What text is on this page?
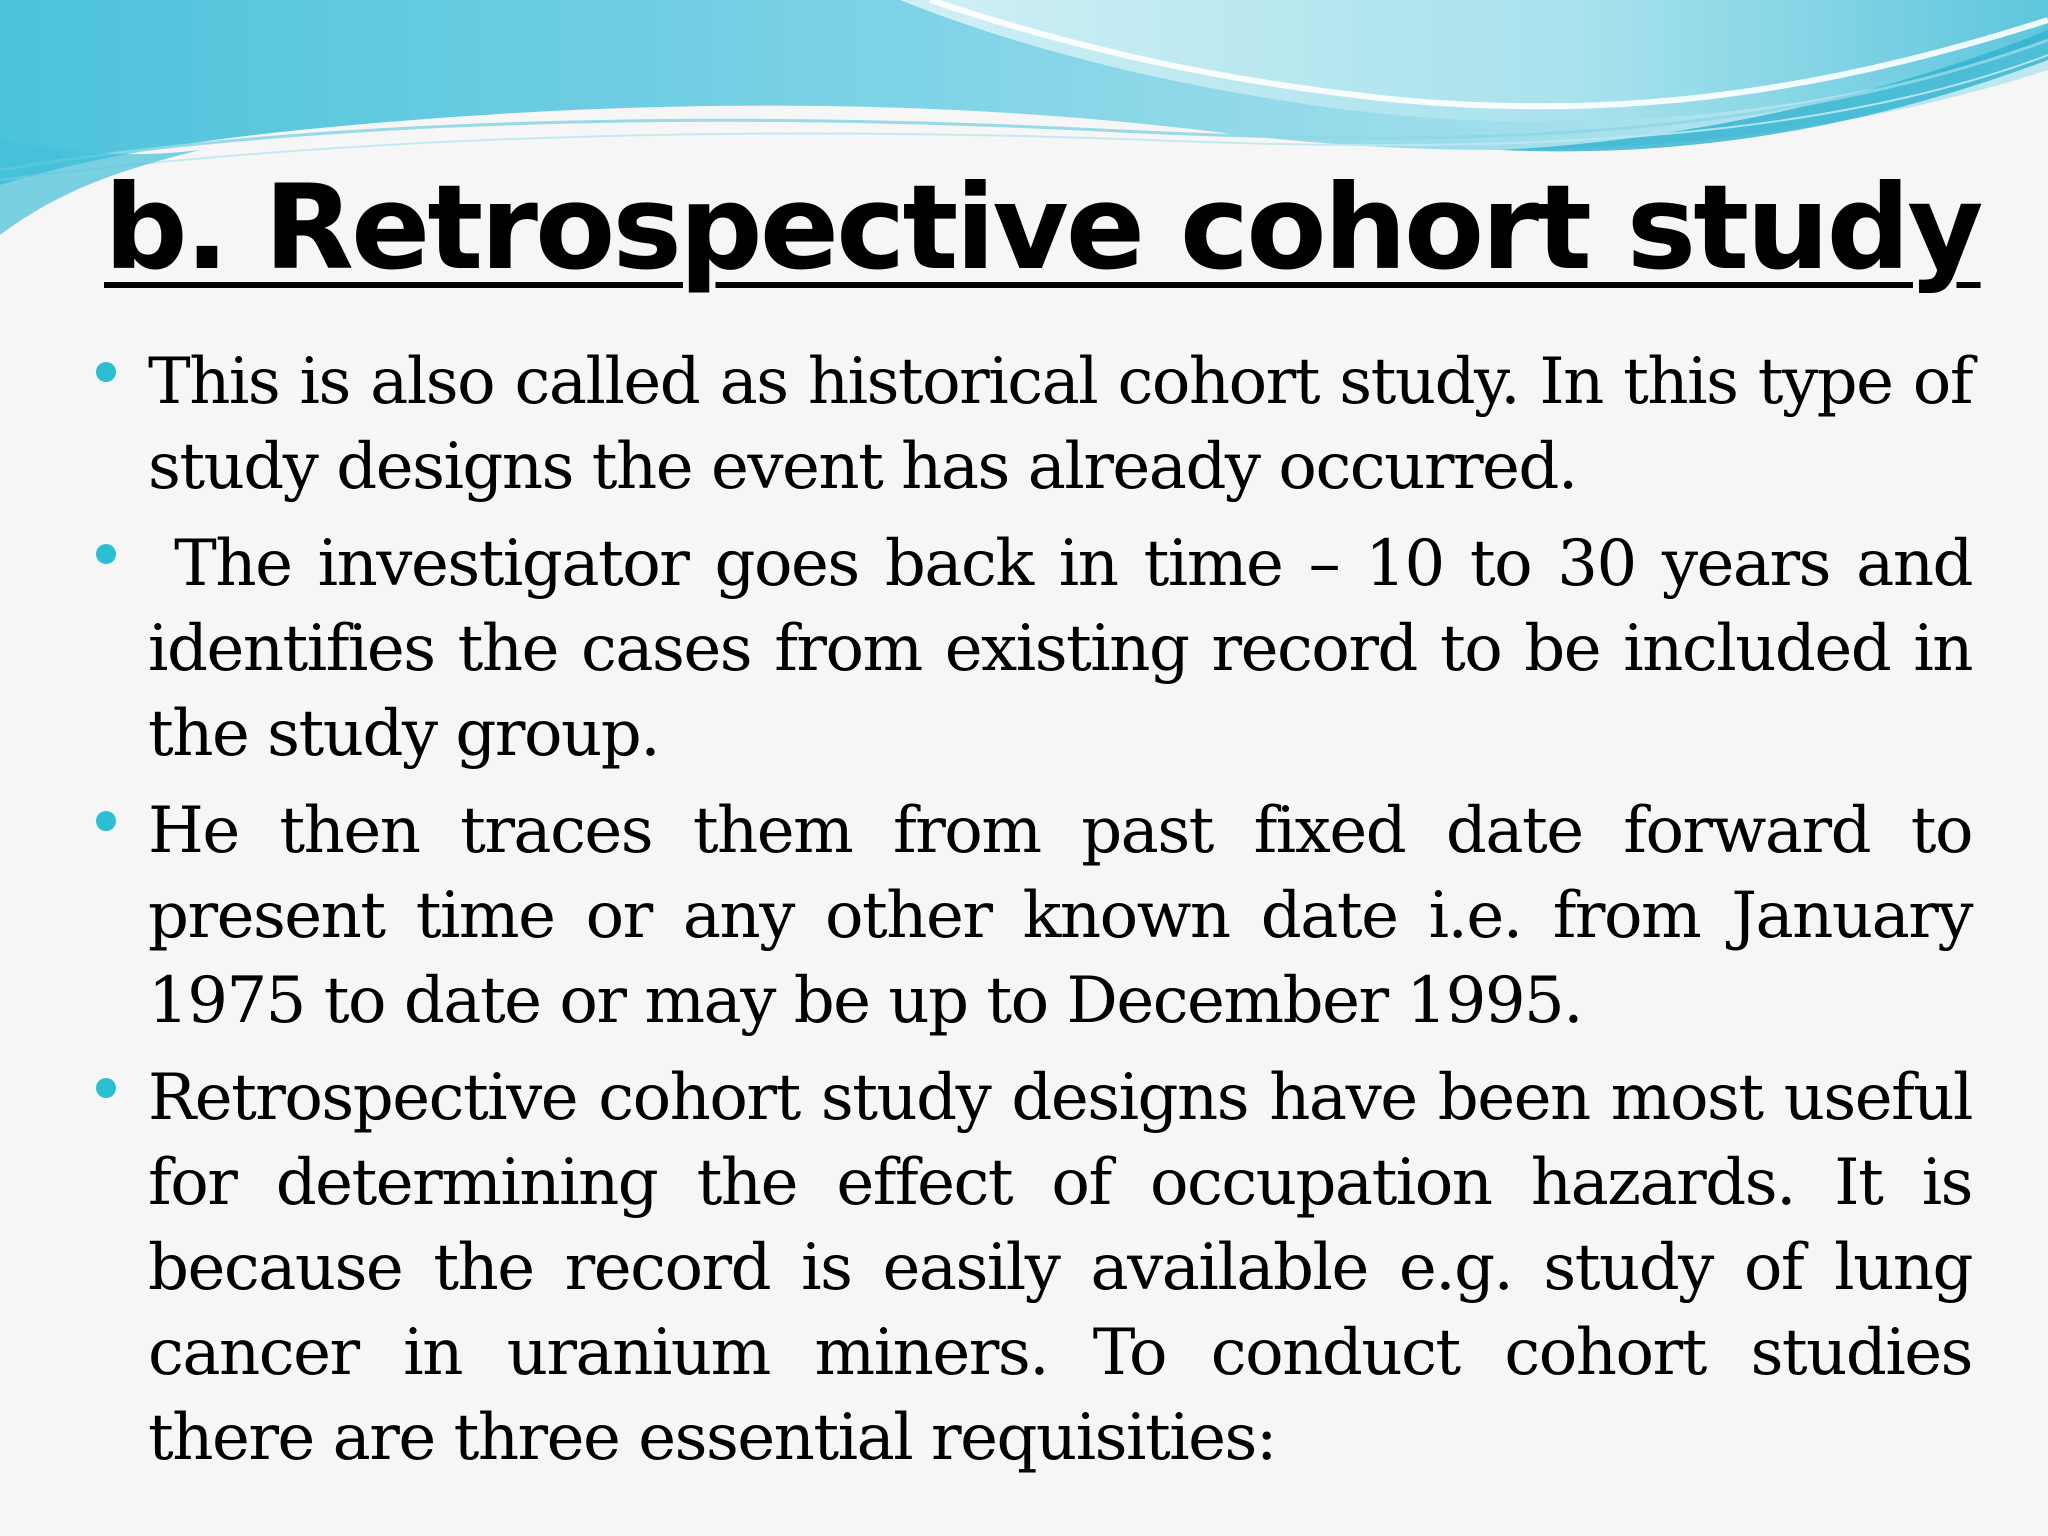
b. Retrospective cohort study
This is also called as historical cohort study. In this type of study designs the event has already occurred.
The investigator goes back in time – 10 to 30 years and identifies the cases from existing record to be included in the study group.
He then traces them from past fixed date forward to present time or any other known date i.e. from January 1975 to date or may be up to December 1995.
Retrospective cohort study designs have been most useful for determining the effect of occupation hazards. It is because the record is easily available e.g. study of lung cancer in uranium miners. To conduct cohort studies there are three essential requisities:
